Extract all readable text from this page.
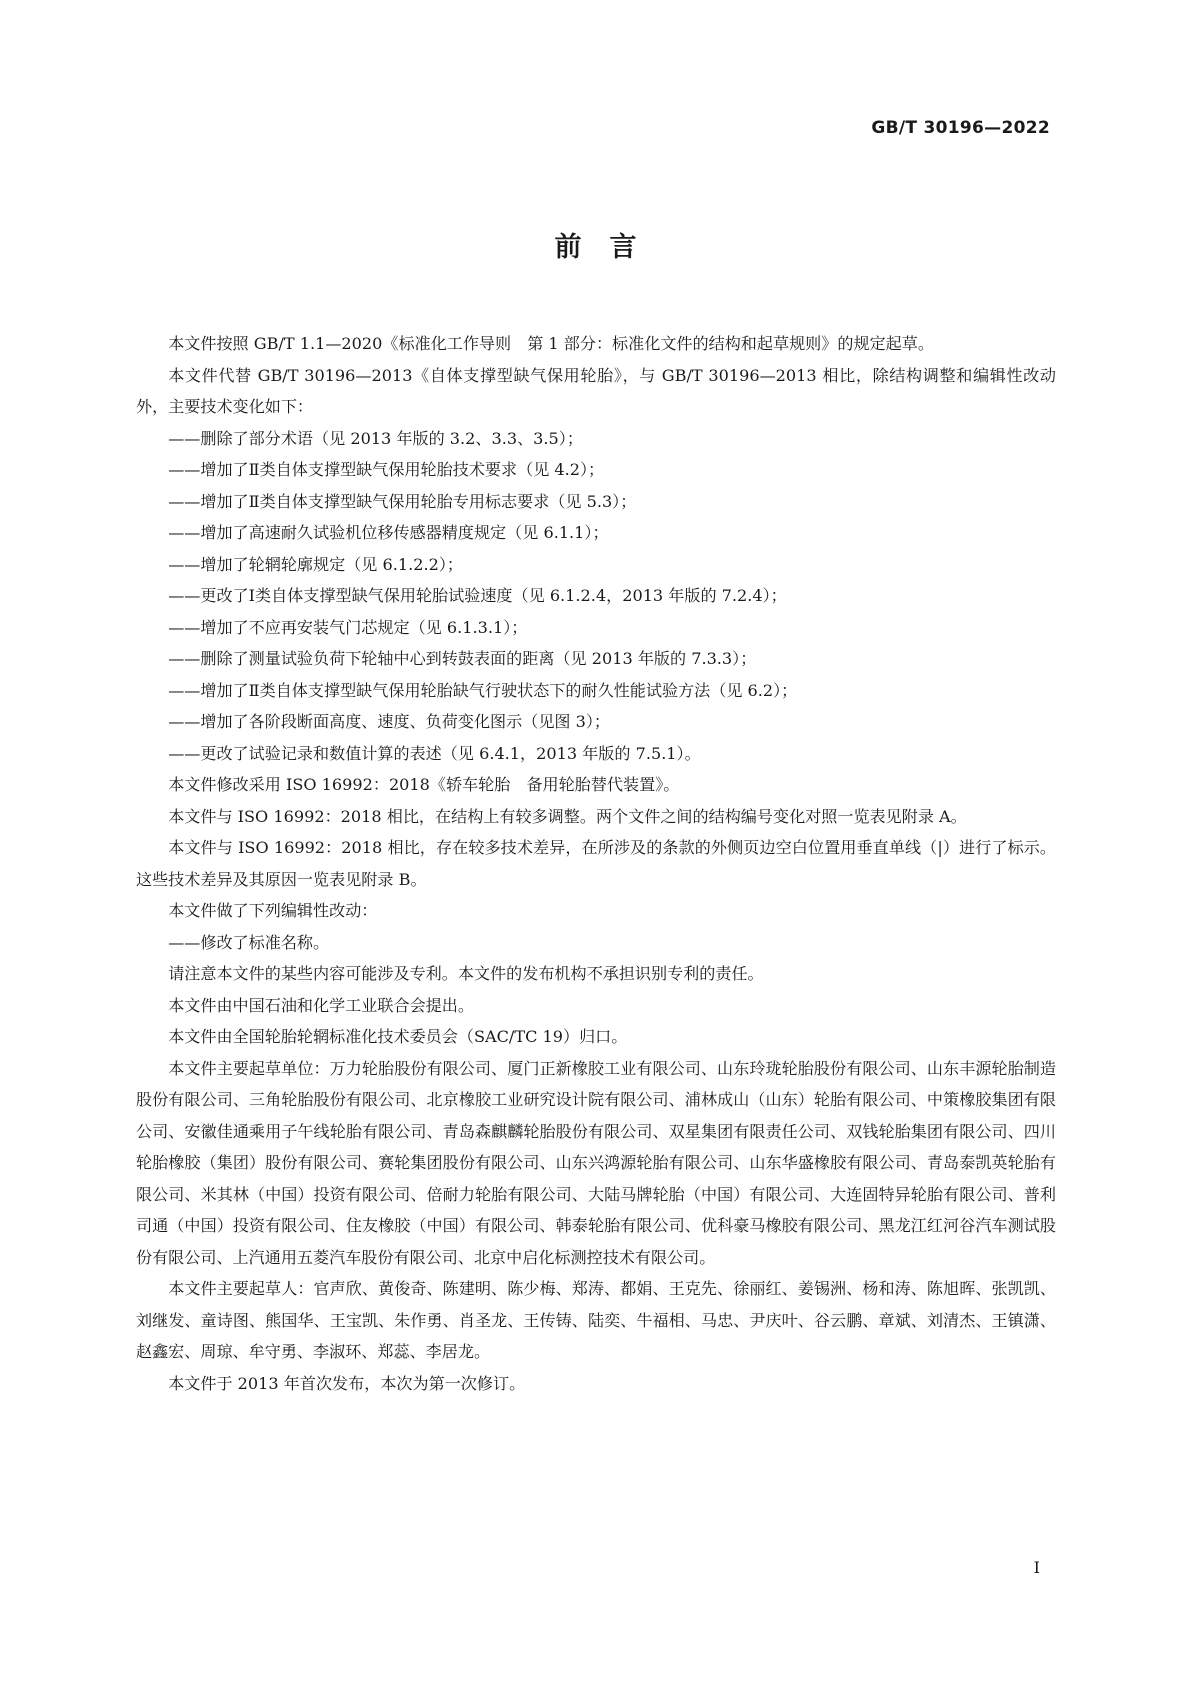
GB/T 30196—2022
前言

本文件按照 GB/T 1.1—2020《标准化工作导则　第 1 部分：标准化文件的结构和起草规则》的规定起草。

本文件代替 GB/T 30196—2013《自体支撑型缺气保用轮胎》，与 GB/T 30196—2013 相比，除结构调整和编辑性改动外，主要技术变化如下：

——删除了部分术语（见 2013 年版的 3.2、3.3、3.5）；

——增加了Ⅱ类自体支撑型缺气保用轮胎技术要求（见 4.2）；

——增加了Ⅱ类自体支撑型缺气保用轮胎专用标志要求（见 5.3）；

——增加了高速耐久试验机位移传感器精度规定（见 6.1.1）；

——增加了轮辋轮廓规定（见 6.1.2.2）；

——更改了Ⅰ类自体支撑型缺气保用轮胎试验速度（见 6.1.2.4，2013 年版的 7.2.4）；

——增加了不应再安装气门芯规定（见 6.1.3.1）；

——删除了测量试验负荷下轮轴中心到转鼓表面的距离（见 2013 年版的 7.3.3）；

——增加了Ⅱ类自体支撑型缺气保用轮胎缺气行驶状态下的耐久性能试验方法（见 6.2）；

——增加了各阶段断面高度、速度、负荷变化图示（见图 3）；

——更改了试验记录和数值计算的表述（见 6.4.1，2013 年版的 7.5.1）。

本文件修改采用 ISO 16992：2018《轿车轮胎　备用轮胎替代装置》。

本文件与 ISO 16992：2018 相比，在结构上有较多调整。两个文件之间的结构编号变化对照一览表见附录 A。

本文件与 ISO 16992：2018 相比，存在较多技术差异，在所涉及的条款的外侧页边空白位置用垂直单线（|）进行了标示。这些技术差异及其原因一览表见附录 B。

本文件做了下列编辑性改动：

——修改了标准名称。

请注意本文件的某些内容可能涉及专利。本文件的发布机构不承担识别专利的责任。

本文件由中国石油和化学工业联合会提出。

本文件由全国轮胎轮辋标准化技术委员会（SAC/TC 19）归口。

本文件主要起草单位：万力轮胎股份有限公司、厦门正新橡胶工业有限公司、山东玲珑轮胎股份有限公司、山东丰源轮胎制造股份有限公司、三角轮胎股份有限公司、北京橡胶工业研究设计院有限公司、浦林成山（山东）轮胎有限公司、中策橡胶集团有限公司、安徽佳通乘用子午线轮胎有限公司、青岛森麒麟轮胎股份有限公司、双星集团有限责任公司、双钱轮胎集团有限公司、四川轮胎橡胶（集团）股份有限公司、赛轮集团股份有限公司、山东兴鸿源轮胎有限公司、山东华盛橡胶有限公司、青岛泰凯英轮胎有限公司、米其林（中国）投资有限公司、倍耐力轮胎有限公司、大陆马牌轮胎（中国）有限公司、大连固特异轮胎有限公司、普利司通（中国）投资有限公司、住友橡胶（中国）有限公司、韩泰轮胎有限公司、优科豪马橡胶有限公司、黑龙江红河谷汽车测试股份有限公司、上汽通用五菱汽车股份有限公司、北京中启化标测控技术有限公司。

本文件主要起草人：官声欣、黄俊奇、陈建明、陈少梅、郑涛、都娟、王克先、徐丽红、姜锡洲、杨和涛、陈旭晖、张凯凯、刘继发、童诗图、熊国华、王宝凯、朱作勇、肖圣龙、王传铸、陆奕、牛福相、马忠、尹庆叶、谷云鹏、章斌、刘清杰、王镇潇、赵鑫宏、周琼、牟守勇、李淑环、郑蕊、李居龙。

本文件于 2013 年首次发布，本次为第一次修订。

I
